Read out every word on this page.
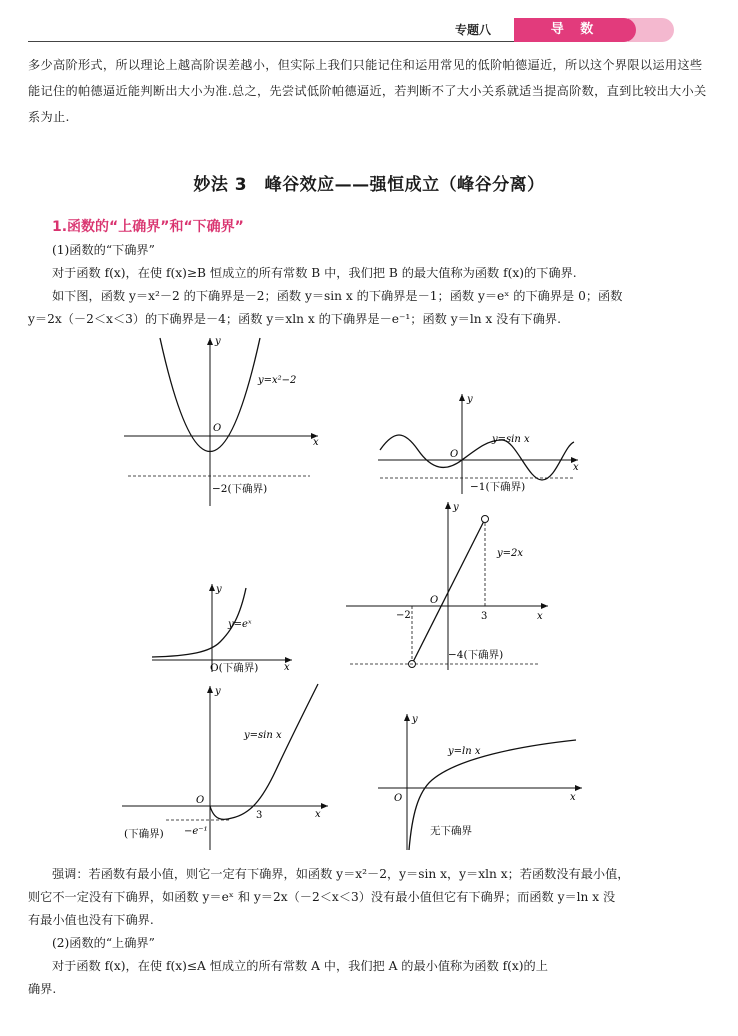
专题八	导 数
多少高阶形式，所以理论上越高阶误差越小，但实际上我们只能记住和运用常见的低阶帕德逼近，所以这个界限以运用这些能记住的帕德逼近能判断出大小为准.总之，先尝试低阶帕德逼近，若判断不了大小关系就适当提高阶数，直到比较出大小关系为止.
妙法 3　峰谷效应——强恒成立（峰谷分离）
1.函数的“上确界”和“下确界”
(1)函数的“下确界”
对于函数 f(x)，在使 f(x)≥B 恒成立的所有常数 B 中，我们把 B 的最大值称为函数 f(x)的下确界.
如下图，函数 y＝x²－2 的下确界是－2；函数 y＝sin x 的下确界是－1；函数 y＝eˣ 的下确界是 0；函数
y＝2x（－2＜x＜3）的下确界是－4；函数 y＝xln x 的下确界是－e⁻¹；函数 y＝ln x 没有下确界.
y=x²−2
O
x
y
−2(下确界)
y=sin x
O
x
y
−1(下确界)
y=2x
O
−2	3	x
y
−4(下确界)
y=eˣ
O(下确界)	x
y
y=sin x
O
3	x
y
(下确界) −e⁻¹
y=ln x
O	x
y
无下确界
强调：若函数有最小值，则它一定有下确界，如函数 y＝x²－2，y＝sin x，y＝xln x；若函数没有最小值，
则它不一定没有下确界，如函数 y＝eˣ 和 y＝2x（－2＜x＜3）没有最小值但它有下确界；而函数 y＝ln x 没
有最小值也没有下确界.
(2)函数的“上确界”
对于函数 f(x)，在使 f(x)≤A 恒成立的所有常数 A 中，我们把 A 的最小值称为函数 f(x)的上
确界.
